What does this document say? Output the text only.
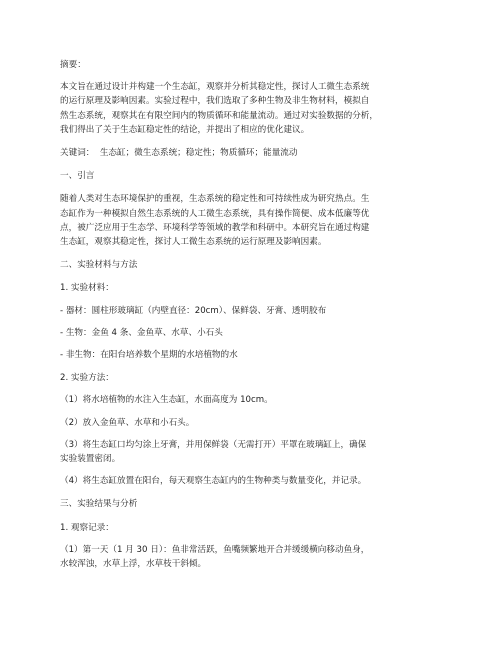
摘要：

本文旨在通过设计并构建一个生态缸，观察并分析其稳定性，探讨人工微生态系统
的运行原理及影响因素。实验过程中，我们选取了多种生物及非生物材料，模拟自
然生态系统，观察其在有限空间内的物质循环和能量流动。通过对实验数据的分析，
我们得出了关于生态缸稳定性的结论，并提出了相应的优化建议。

关键词：  生态缸；微生态系统；稳定性；物质循环；能量流动

一、引言

随着人类对生态环境保护的重视，生态系统的稳定性和可持续性成为研究热点。生
态缸作为一种模拟自然生态系统的人工微生态系统，具有操作简便、成本低廉等优
点，被广泛应用于生态学、环境科学等领域的教学和科研中。本研究旨在通过构建
生态缸，观察其稳定性，探讨人工微生态系统的运行原理及影响因素。

二、实验材料与方法

1. 实验材料：

- 器材：圆柱形玻璃缸（内壁直径：20cm）、保鲜袋、牙膏、透明胶布

- 生物：金鱼 4 条、金鱼草、水草、小石头

- 非生物：在阳台培养数个星期的水培植物的水

2. 实验方法：

（1）将水培植物的水注入生态缸，水面高度为 10cm。

（2）放入金鱼草、水草和小石头。

（3）将生态缸口均匀涂上牙膏，并用保鲜袋（无需打开）平罩在玻璃缸上，确保
实验装置密闭。

（4）将生态缸放置在阳台，每天观察生态缸内的生物种类与数量变化，并记录。

三、实验结果与分析

1. 观察记录：

（1）第一天（1 月 30 日）：鱼非常活跃，鱼嘴频繁地开合并缓缓横向移动鱼身，
水较浑浊，水草上浮，水草枝干斜倾。
